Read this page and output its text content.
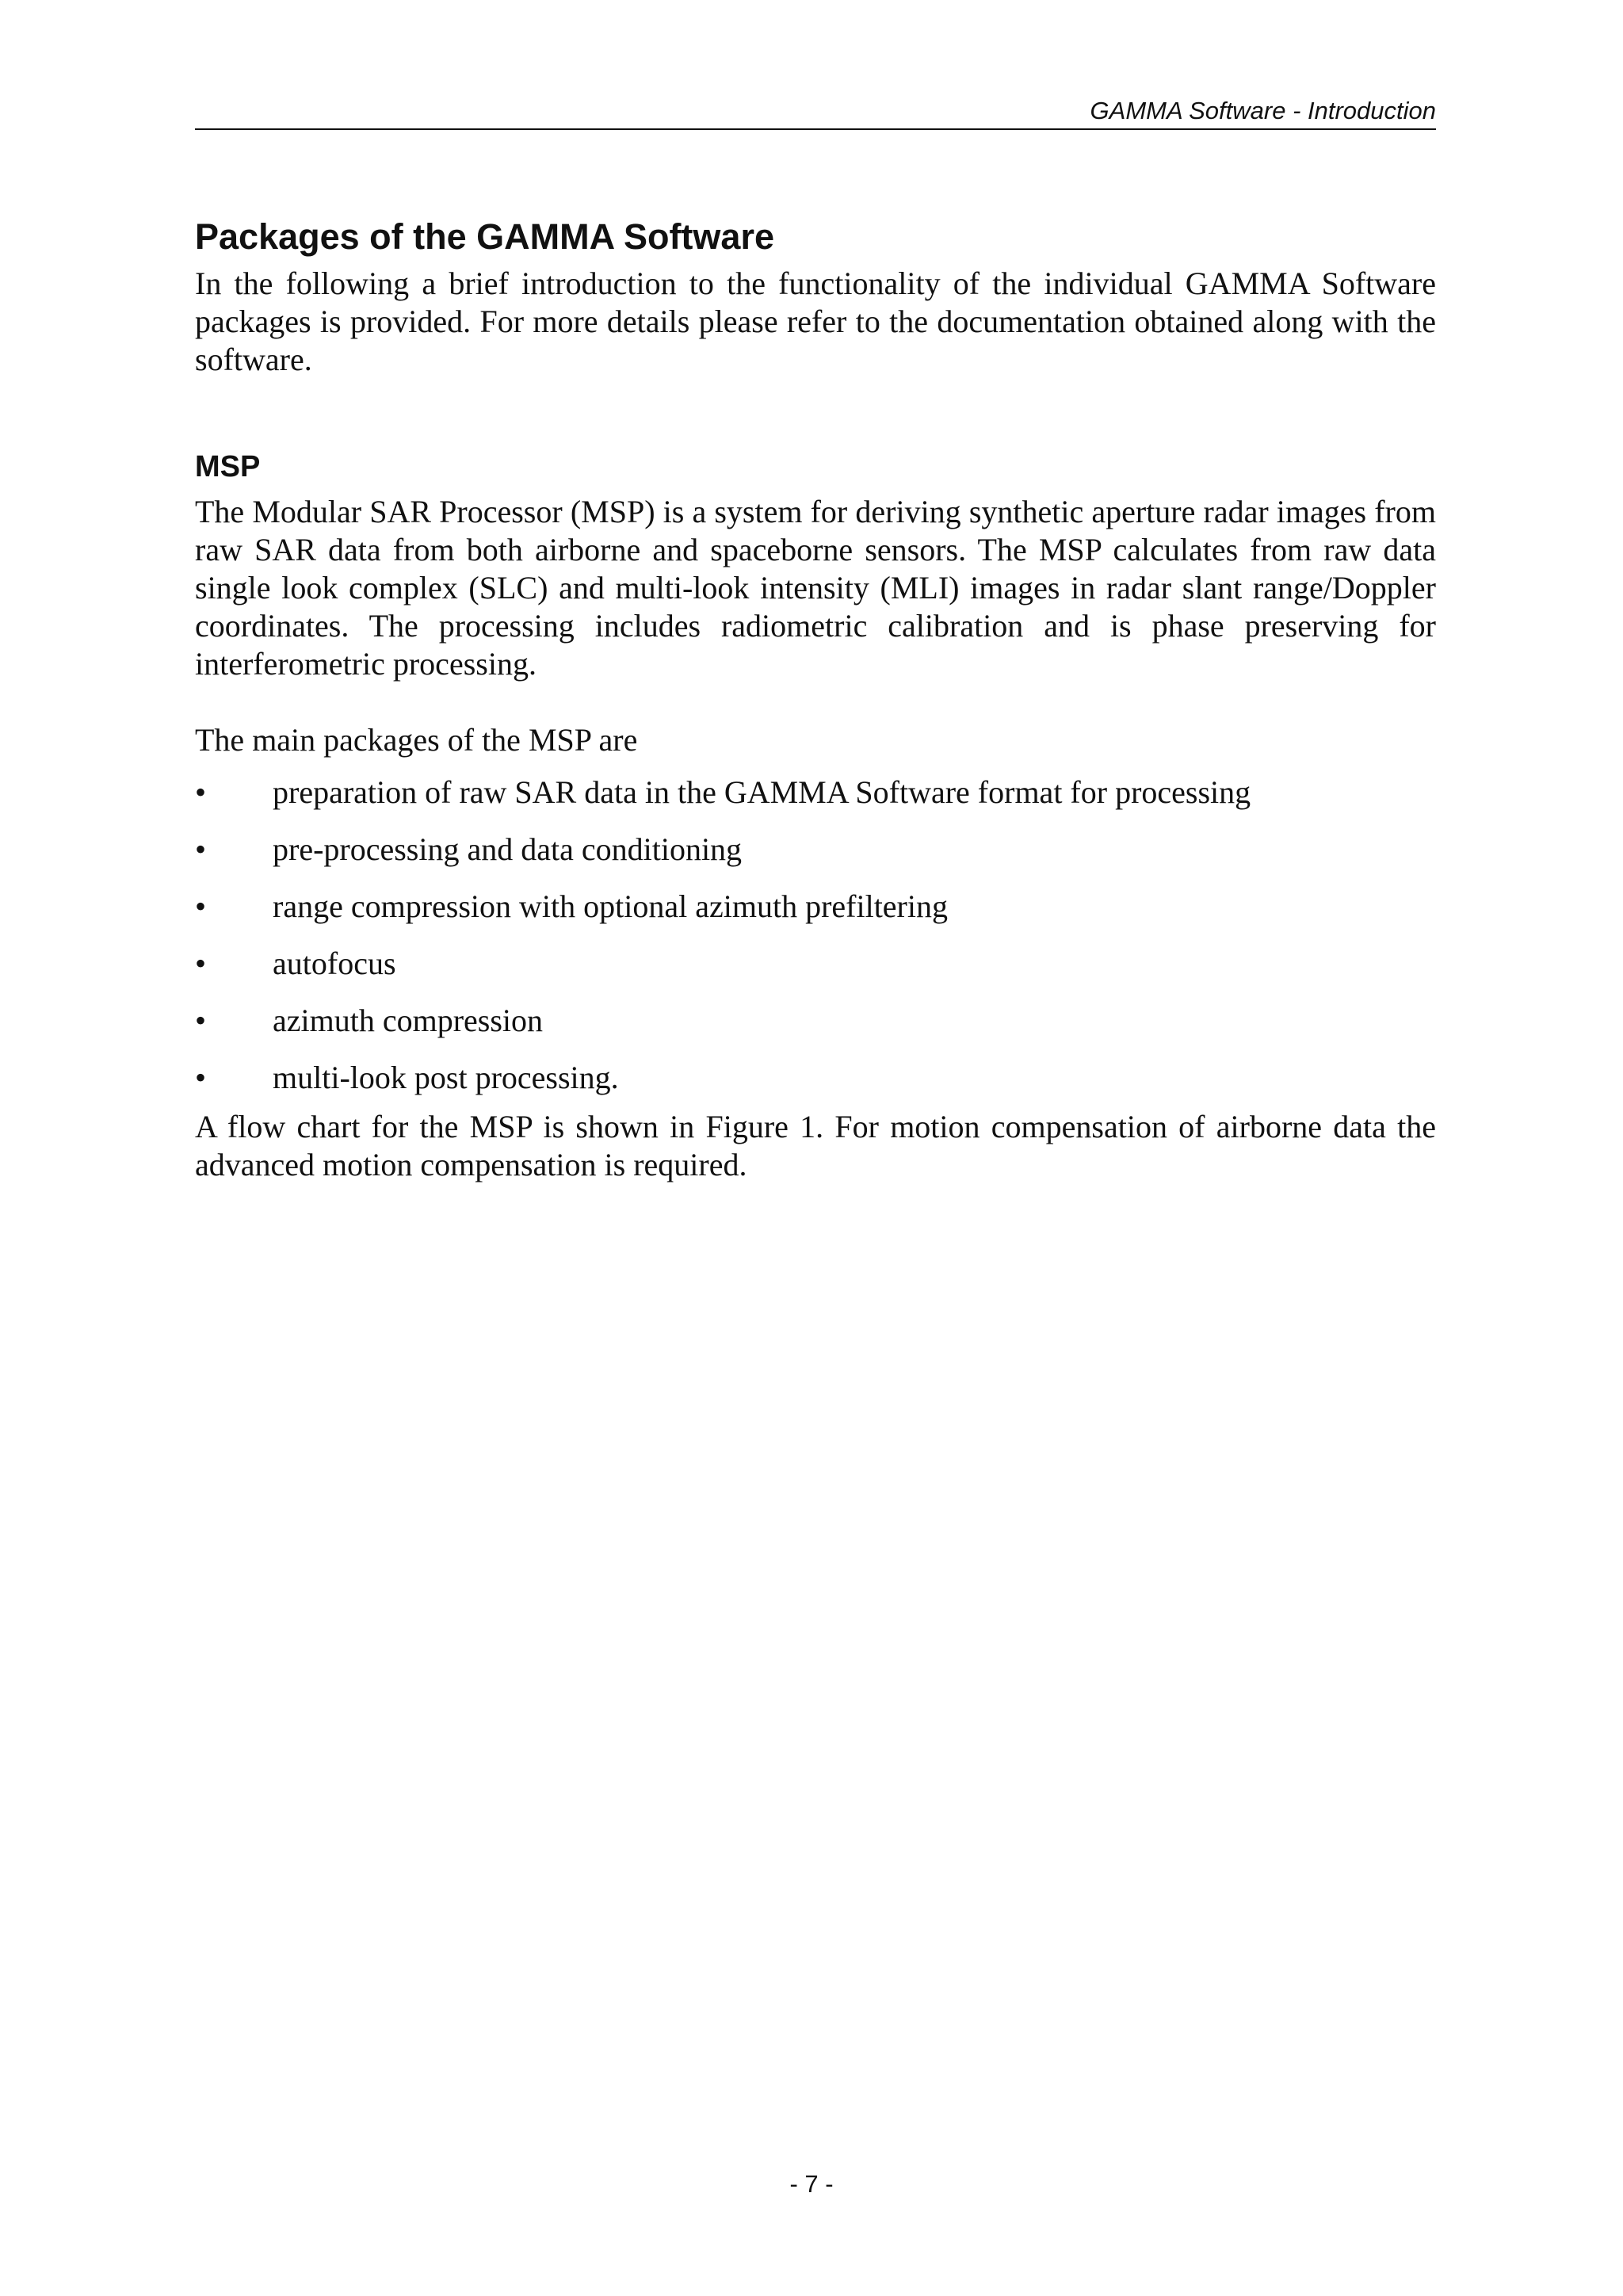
GAMMA Software - Introduction
Packages of the GAMMA Software

In the following a brief introduction to the functionality of the individual GAMMA Software packages is provided. For more details please refer to the documentation obtained along with the software.

MSP

The Modular SAR Processor (MSP) is a system for deriving synthetic aperture radar images from raw SAR data from both airborne and spaceborne sensors. The MSP calculates from raw data single look complex (SLC) and multi-look intensity (MLI) images in radar slant range/Doppler coordinates. The processing includes radiometric calibration and is phase preserving for interferometric processing.

The main packages of the MSP are

•	preparation of raw SAR data in the GAMMA Software format for processing
•	pre-processing and data conditioning
•	range compression with optional azimuth prefiltering
•	autofocus
•	azimuth compression
•	multi-look post processing.

A flow chart for the MSP is shown in Figure 1. For motion compensation of airborne data the advanced motion compensation is required.

- 7 -
